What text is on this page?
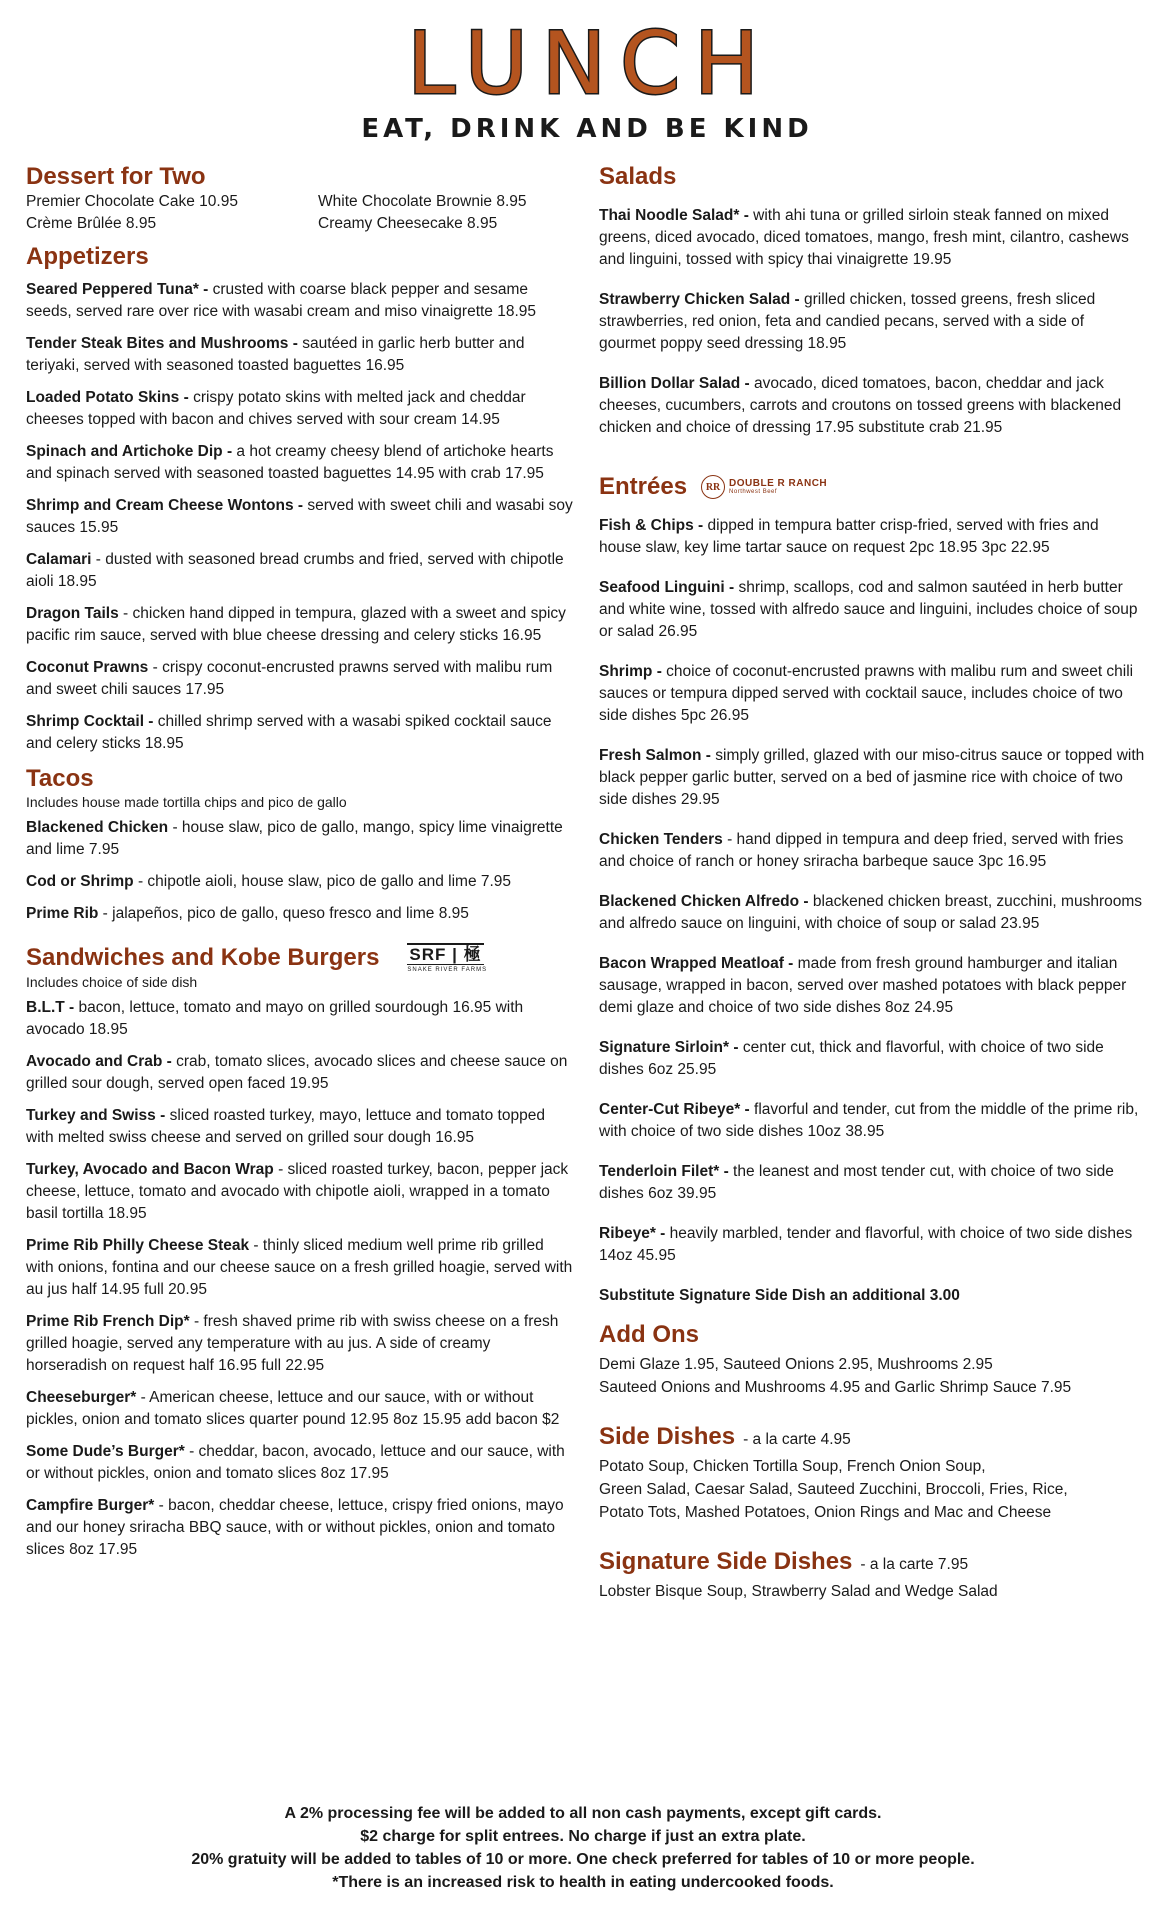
LUNCH
EAT, DRINK AND BE KIND
Dessert for Two
Premier Chocolate Cake 10.95	White Chocolate Brownie 8.95
Crème Brûlée 8.95	Creamy Cheesecake 8.95
Appetizers

Seared Peppered Tuna* - crusted with coarse black pepper and sesame seeds, served rare over rice with wasabi cream and miso vinaigrette 18.95

Tender Steak Bites and Mushrooms - sautéed in garlic herb butter and teriyaki, served with seasoned toasted baguettes 16.95

Loaded Potato Skins - crispy potato skins with melted jack and cheddar cheeses topped with bacon and chives served with sour cream 14.95

Spinach and Artichoke Dip - a hot creamy cheesy blend of artichoke hearts and spinach served with seasoned toasted baguettes 14.95 with crab 17.95

Shrimp and Cream Cheese Wontons - served with sweet chili and wasabi soy sauces 15.95

Calamari - dusted with seasoned bread crumbs and fried, served with chipotle aioli 18.95

Dragon Tails - chicken hand dipped in tempura, glazed with a sweet and spicy pacific rim sauce, served with blue cheese dressing and celery sticks 16.95

Coconut Prawns - crispy coconut-encrusted prawns served with malibu rum and sweet chili sauces 17.95

Shrimp Cocktail - chilled shrimp served with a wasabi spiked cocktail sauce and celery sticks 18.95

Tacos

Includes house made tortilla chips and pico de gallo

Blackened Chicken - house slaw, pico de gallo, mango, spicy lime vinaigrette and lime 7.95

Cod or Shrimp - chipotle aioli, house slaw, pico de gallo and lime 7.95

Prime Rib - jalapeños, pico de gallo, queso fresco and lime 8.95

Sandwiches and Kobe Burgers SRF | 極
SNAKE RIVER FARMS

Includes choice of side dish

B.L.T - bacon, lettuce, tomato and mayo on grilled sourdough 16.95 with avocado 18.95

Avocado and Crab - crab, tomato slices, avocado slices and cheese sauce on grilled sour dough, served open faced 19.95

Turkey and Swiss - sliced roasted turkey, mayo, lettuce and tomato topped with melted swiss cheese and served on grilled sour dough 16.95

Turkey, Avocado and Bacon Wrap - sliced roasted turkey, bacon, pepper jack cheese, lettuce, tomato and avocado with chipotle aioli, wrapped in a tomato basil tortilla 18.95

Prime Rib Philly Cheese Steak - thinly sliced medium well prime rib grilled with onions, fontina and our cheese sauce on a fresh grilled hoagie, served with au jus half 14.95 full 20.95

Prime Rib French Dip* - fresh shaved prime rib with swiss cheese on a fresh grilled hoagie, served any temperature with au jus. A side of creamy horseradish on request half 16.95 full 22.95

Cheeseburger* - American cheese, lettuce and our sauce, with or without pickles, onion and tomato slices quarter pound 12.95 8oz 15.95 add bacon $2

Some Dude’s Burger* - cheddar, bacon, avocado, lettuce and our sauce, with or without pickles, onion and tomato slices 8oz 17.95

Campfire Burger* - bacon, cheddar cheese, lettuce, crispy fried onions, mayo and our honey sriracha BBQ sauce, with or without pickles, onion and tomato slices 8oz 17.95

Salads

Thai Noodle Salad* - with ahi tuna or grilled sirloin steak fanned on mixed greens, diced avocado, diced tomatoes, mango, fresh mint, cilantro, cashews and linguini, tossed with spicy thai vinaigrette 19.95

Strawberry Chicken Salad - grilled chicken, tossed greens, fresh sliced strawberries, red onion, feta and candied pecans, served with a side of gourmet poppy seed dressing 18.95

Billion Dollar Salad - avocado, diced tomatoes, bacon, cheddar and jack cheeses, cucumbers, carrots and croutons on tossed greens with blackened chicken and choice of dressing 17.95 substitute crab 21.95

Entrées	RR DOUBLE R RANCH
Northwest Beef

Fish & Chips - dipped in tempura batter crisp-fried, served with fries and house slaw, key lime tartar sauce on request 2pc 18.95 3pc 22.95

Seafood Linguini - shrimp, scallops, cod and salmon sautéed in herb butter and white wine, tossed with alfredo sauce and linguini, includes choice of soup or salad 26.95

Shrimp - choice of coconut-encrusted prawns with malibu rum and sweet chili sauces or tempura dipped served with cocktail sauce, includes choice of two side dishes 5pc 26.95

Fresh Salmon - simply grilled, glazed with our miso-citrus sauce or topped with black pepper garlic butter, served on a bed of jasmine rice with choice of two side dishes 29.95

Chicken Tenders - hand dipped in tempura and deep fried, served with fries and choice of ranch or honey sriracha barbeque sauce 3pc 16.95

Blackened Chicken Alfredo - blackened chicken breast, zucchini, mushrooms and alfredo sauce on linguini, with choice of soup or salad 23.95

Bacon Wrapped Meatloaf - made from fresh ground hamburger and italian sausage, wrapped in bacon, served over mashed potatoes with black pepper demi glaze and choice of two side dishes 8oz 24.95

Signature Sirloin* - center cut, thick and flavorful, with choice of two side dishes 6oz 25.95

Center-Cut Ribeye* - flavorful and tender, cut from the middle of the prime rib, with choice of two side dishes 10oz 38.95

Tenderloin Filet* - the leanest and most tender cut, with choice of two side dishes 6oz 39.95

Ribeye* - heavily marbled, tender and flavorful, with choice of two side dishes 14oz 45.95

Substitute Signature Side Dish an additional 3.00

Add Ons

Demi Glaze 1.95, Sauteed Onions 2.95, Mushrooms 2.95

Sauteed Onions and Mushrooms 4.95 and Garlic Shrimp Sauce 7.95

Side Dishes - a la carte 4.95

Potato Soup, Chicken Tortilla Soup, French Onion Soup,

Green Salad, Caesar Salad, Sauteed Zucchini, Broccoli, Fries, Rice,

Potato Tots, Mashed Potatoes, Onion Rings and Mac and Cheese

Signature Side Dishes - a la carte 7.95

Lobster Bisque Soup, Strawberry Salad and Wedge Salad

A 2% processing fee will be added to all non cash payments, except gift cards.
$2 charge for split entrees. No charge if just an extra plate.
20% gratuity will be added to tables of 10 or more. One check preferred for tables of 10 or more people.
*There is an increased risk to health in eating undercooked foods.
